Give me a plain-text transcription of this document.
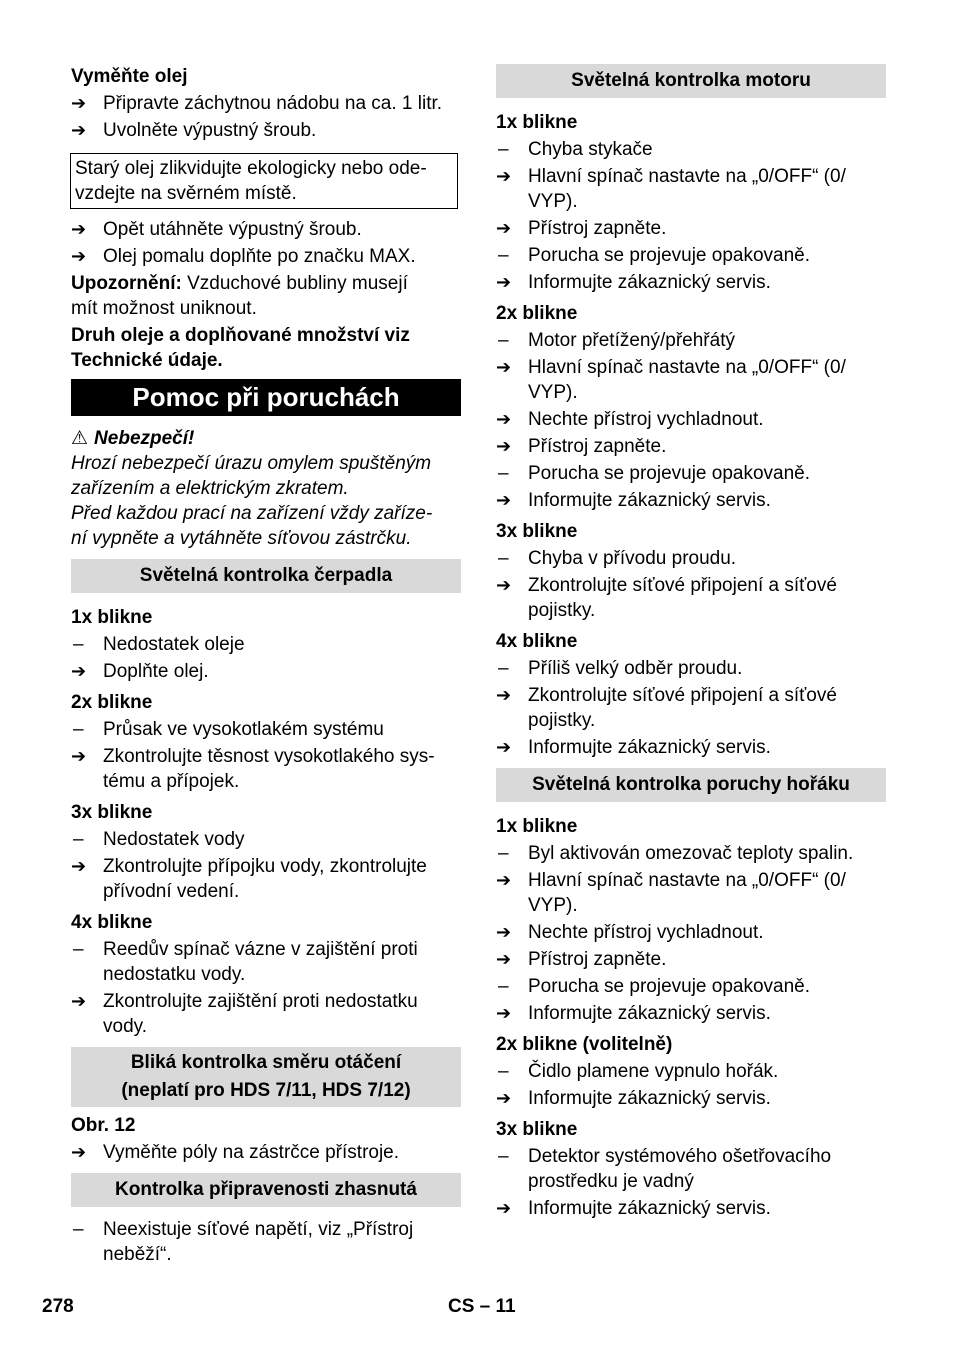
Vyměňte olej
➔ Připravte záchytnou nádobu na ca. 1 litr.
➔ Uvolněte výpustný šroub.
Starý olej zlikvidujte ekologicky nebo ode-
vzdejte na svěrném místě.
➔ Opět utáhněte výpustný šroub.
➔ Olej pomalu doplňte po značku MAX.
Upozornění: Vzduchové bubliny musejí
mít možnost uniknout.
Druh oleje a doplňované množství viz
Technické údaje.
Pomoc při poruchách
⚠ Nebezpečí!
Hrozí nebezpečí úrazu omylem spuštěným
zařízením a elektrickým zkratem.
Před každou prací na zařízení vždy zaříze-
ní vypněte a vytáhněte síťovou zástrčku.
Světelná kontrolka čerpadla
1x blikne
–	Nedostatek oleje
➔ Doplňte olej.
2x blikne
–	Průsak ve vysokotlakém systému
➔ Zkontrolujte těsnost vysokotlakého sys-
tému a přípojek.
3x blikne
–	Nedostatek vody
➔ Zkontrolujte přípojku vody, zkontrolujte
přívodní vedení.
4x blikne
–	Reedův spínač vázne v zajištění proti
nedostatku vody.
➔ Zkontrolujte zajištění proti nedostatku
vody.
Bliká kontrolka směru otáčení
(neplatí pro HDS 7/11, HDS 7/12)
Obr. 12
➔ Vyměňte póly na zástrčce přístroje.
Kontrolka připravenosti zhasnutá
–	Neexistuje síťové napětí, viz „Přístroj
neběží“.
Světelná kontrolka motoru
1x blikne
–	Chyba stykače
➔ Hlavní spínač nastavte na „0/OFF“ (0/
VYP).
➔ Přístroj zapněte.
–	Porucha se projevuje opakovaně.
➔ Informujte zákaznický servis.
2x blikne
–	Motor přetížený/přehřátý
➔ Hlavní spínač nastavte na „0/OFF“ (0/
VYP).
➔ Nechte přístroj vychladnout.
➔ Přístroj zapněte.
–	Porucha se projevuje opakovaně.
➔ Informujte zákaznický servis.
3x blikne
–	Chyba v přívodu proudu.
➔ Zkontrolujte síťové připojení a síťové
pojistky.
4x blikne
–	Příliš velký odběr proudu.
➔ Zkontrolujte síťové připojení a síťové
pojistky.
➔ Informujte zákaznický servis.
Světelná kontrolka poruchy hořáku
1x blikne
–	Byl aktivován omezovač teploty spalin.
➔ Hlavní spínač nastavte na „0/OFF“ (0/
VYP).
➔ Nechte přístroj vychladnout.
➔ Přístroj zapněte.
–	Porucha se projevuje opakovaně.
➔ Informujte zákaznický servis.
2x blikne (volitelně)
–	Čidlo plamene vypnulo hořák.
➔ Informujte zákaznický servis.
3x blikne
–	Detektor systémového ošetřovacího
prostředku je vadný
➔ Informujte zákaznický servis.
278	CS – 11
